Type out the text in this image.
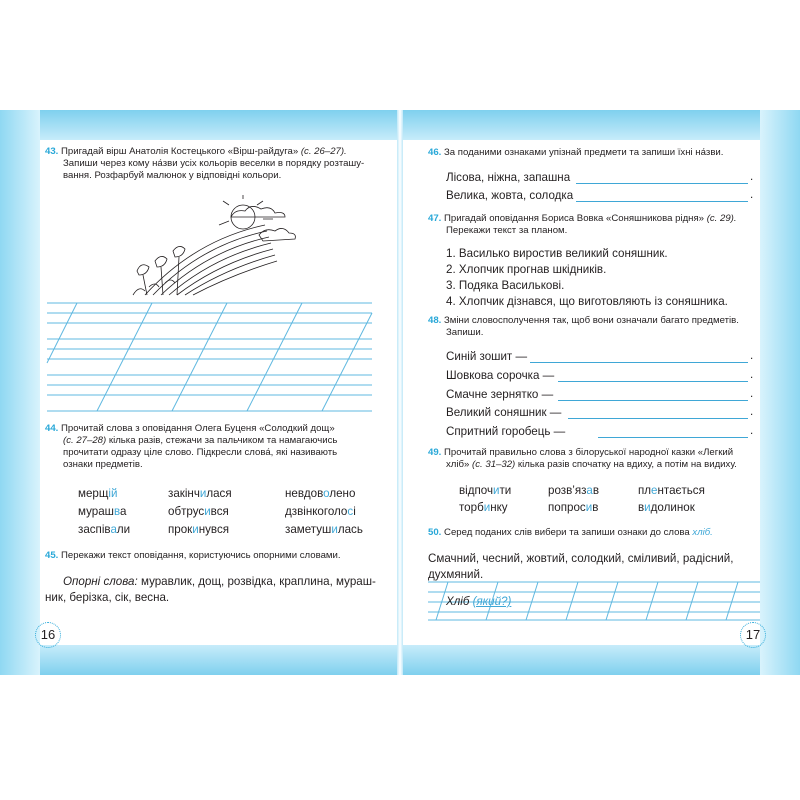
43. Пригадай вірш Анатолія Костецького «Вірш-райдуга» (с. 26–27).
Запиши через кому на́зви усіх кольорів веселки в порядку розташу-
вання. Розфарбуй малюнок у відповідні кольори.
44. Прочитай слова з оповідання Олега Буценя «Солодкий дощ»
(с. 27–28) кілька разів, стежачи за пальчиком та намагаючись
прочитати одразу ціле слово. Підкресли слова́, які називають
ознаки предметів.
мерщій	закінчилася	невдоволено
мурашва	обтрусився	дзвінкоголосі
заспівали	прокинувся	заметушилась
45. Перекажи текст оповідання, користуючись опорними словами.
Опорні слова: муравлик, дощ, розвідка, краплина, мураш-
ник, берізка, сік, весна.
16
46. За поданими ознаками упізнай предмети та запиши їхні на́зви.
Лісова, ніжна, запашна	.
Велика, жовта, солодка	.
47. Пригадай оповідання Бориса Вовка «Соняшникова рідня» (с. 29).
Перекажи текст за планом.
1. Василько виростив великий соняшник.
2. Хлопчик прогнав шкідників.
3. Подяка Васильковi.
4. Хлопчик дізнався, що виготовляють із соняшника.
48. Зміни словосполучення так, щоб вони означали багато предметів.
Запиши.
Синій зошит —	.
Шовкова сорочка —	.
Смачне зернятко —	.
Великий соняшник —	.
Спритний горобець —	.
49. Прочитай правильно слова з білоруської народної казки «Легкий
хліб» (с. 31–32) кілька разів спочатку на вдиху, а потім на видиху.
відпочити	розв’язав	плентається
торбинку	попросив	видолинок
50. Серед поданих слів вибери та запиши ознаки до слова хліб.
Смачний, чесний, жовтий, солодкий, сміливий, радісний,
духмяний.
Хліб (який?)
17
